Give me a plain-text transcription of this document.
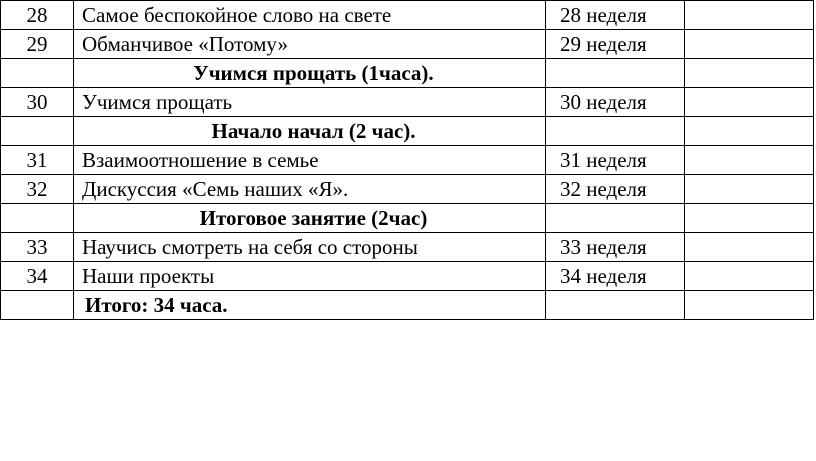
28	Самое беспокойное слово на свете	28 неделя	
29	Обманчивое «Потому»	29 неделя	
	Учимся прощать (1часа).		
30	Учимся прощать	30 неделя	
	Начало начал (2 час).		
31	Взаимоотношение в семье	31 неделя	
32	Дискуссия «Семь наших «Я».	32 неделя	
	Итоговое занятие (2час)		
33	Научись смотреть на себя со стороны	33 неделя	
34	Наши проекты	34 неделя	
	Итого: 34 часа.		
